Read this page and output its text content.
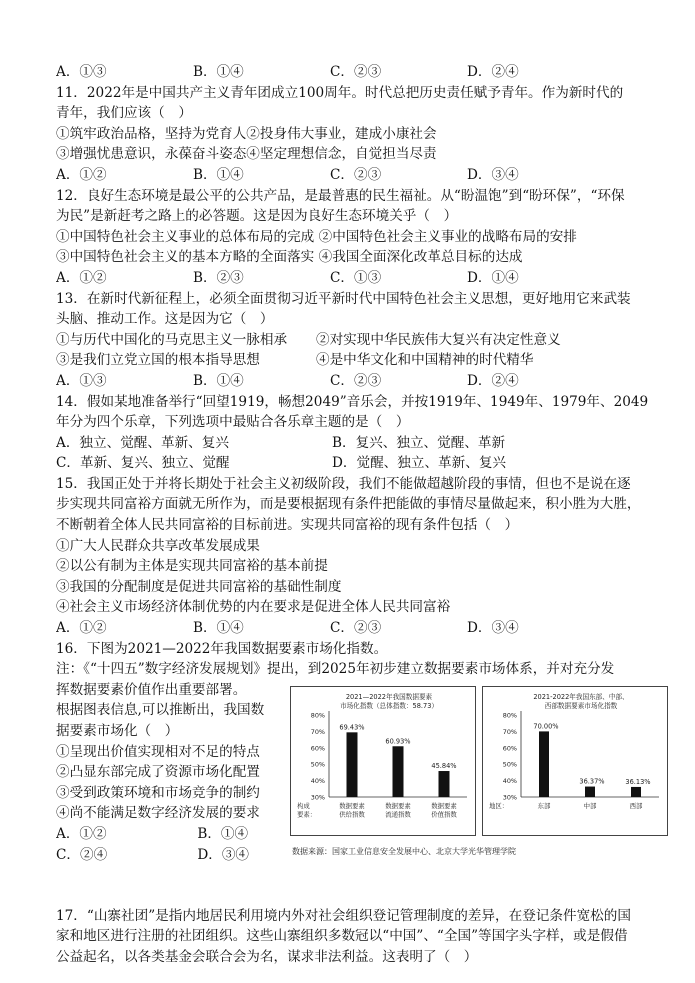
A．①③	B．①④	C．②③	D．②④
11．2022年是中国共产主义青年团成立100周年。时代总把历史责任赋予青年。作为新时代的
青年，我们应该（　）
①筑牢政治品格，坚持为党育人②投身伟大事业，建成小康社会
③增强忧患意识，永葆奋斗姿态④坚定理想信念，自觉担当尽责
A．①②	B．①④	C．②③	D．③④
12．良好生态环境是最公平的公共产品，是最普惠的民生福祉。从“盼温饱”到“盼环保”，“环保
为民”是新赶考之路上的必答题。这是因为良好生态环境关乎（　）
①中国特色社会主义事业的总体布局的完成 ②中国特色社会主义事业的战略布局的安排
③中国特色社会主义的基本方略的全面落实 ④我国全面深化改革总目标的达成
A．①②	B．②③	C．①③	D．①④
13．在新时代新征程上，必须全面贯彻习近平新时代中国特色社会主义思想，更好地用它来武装
头脑、推动工作。这是因为它（　）
①与历代中国化的马克思主义一脉相承	②对实现中华民族伟大复兴有决定性意义
③是我们立党立国的根本指导思想	④是中华文化和中国精神的时代精华
A．①③	B．①④	C．②③	D．②④
14．假如某地准备举行“回望1919，畅想2049”音乐会，并按1919年、1949年、1979年、2049
年分为四个乐章，下列选项中最贴合各乐章主题的是（　）
A．独立、觉醒、革新、复兴	B．复兴、独立、觉醒、革新
C．革新、复兴、独立、觉醒	D．觉醒、独立、革新、复兴
15．我国正处于并将长期处于社会主义初级阶段，我们不能做超越阶段的事情，但也不是说在逐
步实现共同富裕方面就无所作为，而是要根据现有条件把能做的事情尽量做起来，积小胜为大胜，
不断朝着全体人民共同富裕的目标前进。实现共同富裕的现有条件包括（　）
①广大人民群众共享改革发展成果
②以公有制为主体是实现共同富裕的基本前提
③我国的分配制度是促进共同富裕的基础性制度
④社会主义市场经济体制优势的内在要求是促进全体人民共同富裕
A．①②	B．①④	C．②③	D．③④
16．下图为2021—2022年我国数据要素市场化指数。
注：《“十四五”数字经济发展规划》提出，到2025年初步建立数据要素市场体系，并对充分发
挥数据要素价值作出重要部署。
根据图表信息,可以推断出，我国数
据要素市场化（　）
①呈现出价值实现相对不足的特点
②凸显东部完成了资源市场化配置
③受到政策环境和市场竞争的制约
④尚不能满足数字经济发展的要求
A．①②	B．①④
C．②④	D．③④
2021—2022年我国数据要素
市场化指数（总体指数：58.73）
80%
70%
60%
50%
40%
30%
69.43%
数据要素
供给指数
60.93%
数据要素
流通指数
45.84%
数据要素
价值指数
构成
要素：
2021-2022年我国东部、中部、
西部数据要素市场化指数
80%
70%
60%
50%
40%
30%
70.00%
东部
36.37%
中部
36.13%
西部
地区：
数据来源：国家工业信息安全发展中心、北京大学光华管理学院
17．“山寨社团”是指内地居民利用境内外对社会组织登记管理制度的差异，在登记条件宽松的国
家和地区进行注册的社团组织。这些山寨组织多数冠以“中国”、“全国”等国字头字样，或是假借
公益起名，以各类基金会联合会为名，谋求非法利益。这表明了（　）
